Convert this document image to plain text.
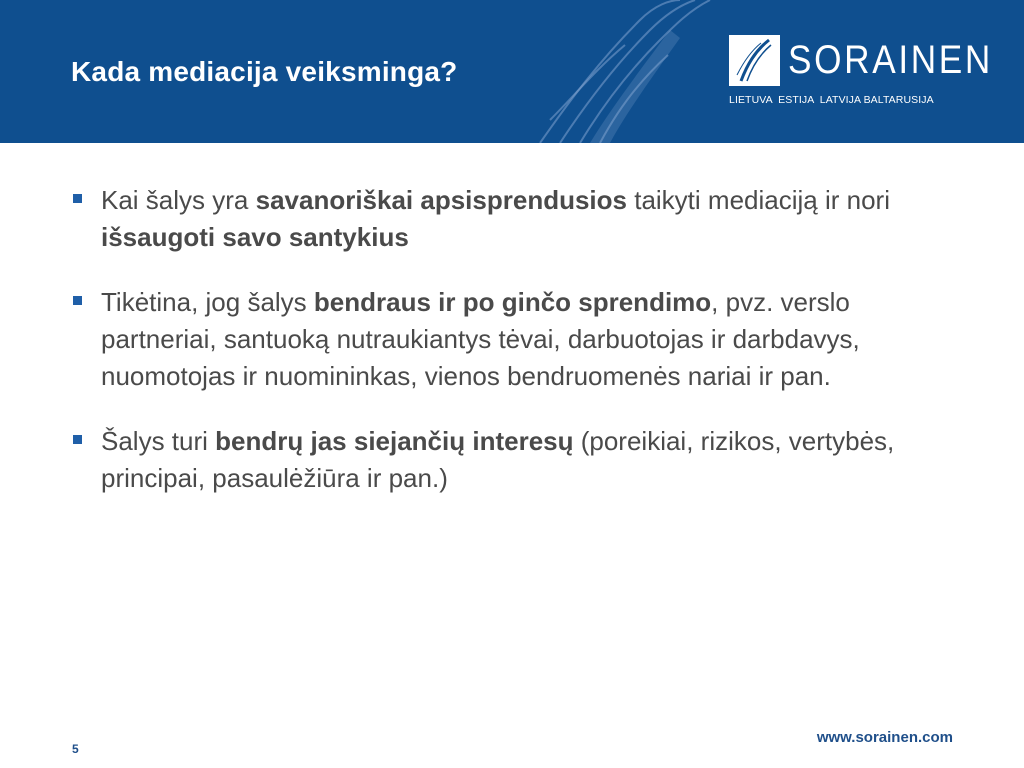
Kada mediacija veiksminga?	SORAINEN
LIETUVA  ESTIJA  LATVIJA BALTARUSIJA
Kai šalys yra savanoriškai apsisprendusios taikyti mediaciją ir nori išsaugoti savo santykius
Tikėtina, jog šalys bendraus ir po ginčo sprendimo, pvz. verslo partneriai, santuoką nutraukiantys tėvai, darbuotojas ir darbdavys, nuomotojas ir nuomininkas, vienos bendruomenės nariai ir pan.
Šalys turi bendrų jas siejančių interesų (poreikiai, rizikos, vertybės, principai, pasaulėžiūra ir pan.)
5
www.sorainen.com
